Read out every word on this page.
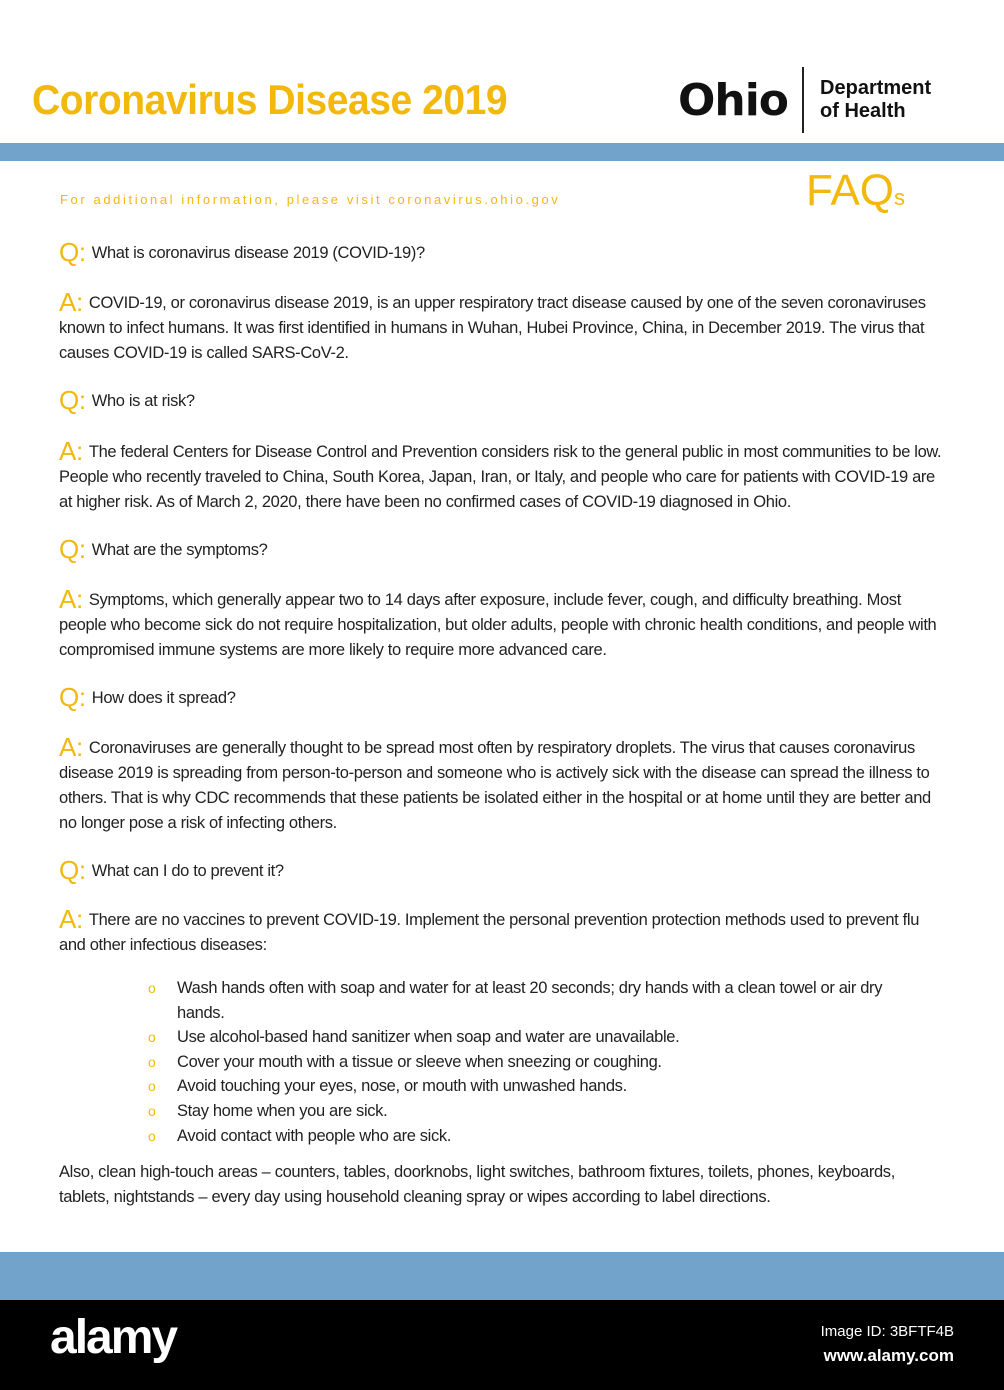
Coronavirus Disease 2019	Ohio Department
of Health
For additional information, please visit coronavirus.ohio.gov	FAQs
Q: What is coronavirus disease 2019 (COVID-19)?
A: COVID-19, or coronavirus disease 2019, is an upper respiratory tract disease caused by one of the seven coronaviruses known to infect humans. It was first identified in humans in Wuhan, Hubei Province, China, in December 2019. The virus that causes COVID-19 is called SARS-CoV-2.
Q: Who is at risk?
A: The federal Centers for Disease Control and Prevention considers risk to the general public in most communities to be low. People who recently traveled to China, South Korea, Japan, Iran, or Italy, and people who care for patients with COVID-19 are at higher risk. As of March 2, 2020, there have been no confirmed cases of COVID-19 diagnosed in Ohio.
Q: What are the symptoms?
A: Symptoms, which generally appear two to 14 days after exposure, include fever, cough, and difficulty breathing. Most people who become sick do not require hospitalization, but older adults, people with chronic health conditions, and people with compromised immune systems are more likely to require more advanced care.
Q: How does it spread?
A: Coronaviruses are generally thought to be spread most often by respiratory droplets. The virus that causes coronavirus disease 2019 is spreading from person-to-person and someone who is actively sick with the disease can spread the illness to others. That is why CDC recommends that these patients be isolated either in the hospital or at home until they are better and no longer pose a risk of infecting others.
Q: What can I do to prevent it?
A: There are no vaccines to prevent COVID-19. Implement the personal prevention protection methods used to prevent flu and other infectious diseases:
o Wash hands often with soap and water for at least 20 seconds; dry hands with a clean towel or air dry hands.
o Use alcohol-based hand sanitizer when soap and water are unavailable.
o Cover your mouth with a tissue or sleeve when sneezing or coughing.
o Avoid touching your eyes, nose, or mouth with unwashed hands.
o Stay home when you are sick.
o Avoid contact with people who are sick.
Also, clean high-touch areas – counters, tables, doorknobs, light switches, bathroom fixtures, toilets, phones, keyboards, tablets, nightstands – every day using household cleaning spray or wipes according to label directions.
alamy	Image ID: 3BFTF4B
www.alamy.com
